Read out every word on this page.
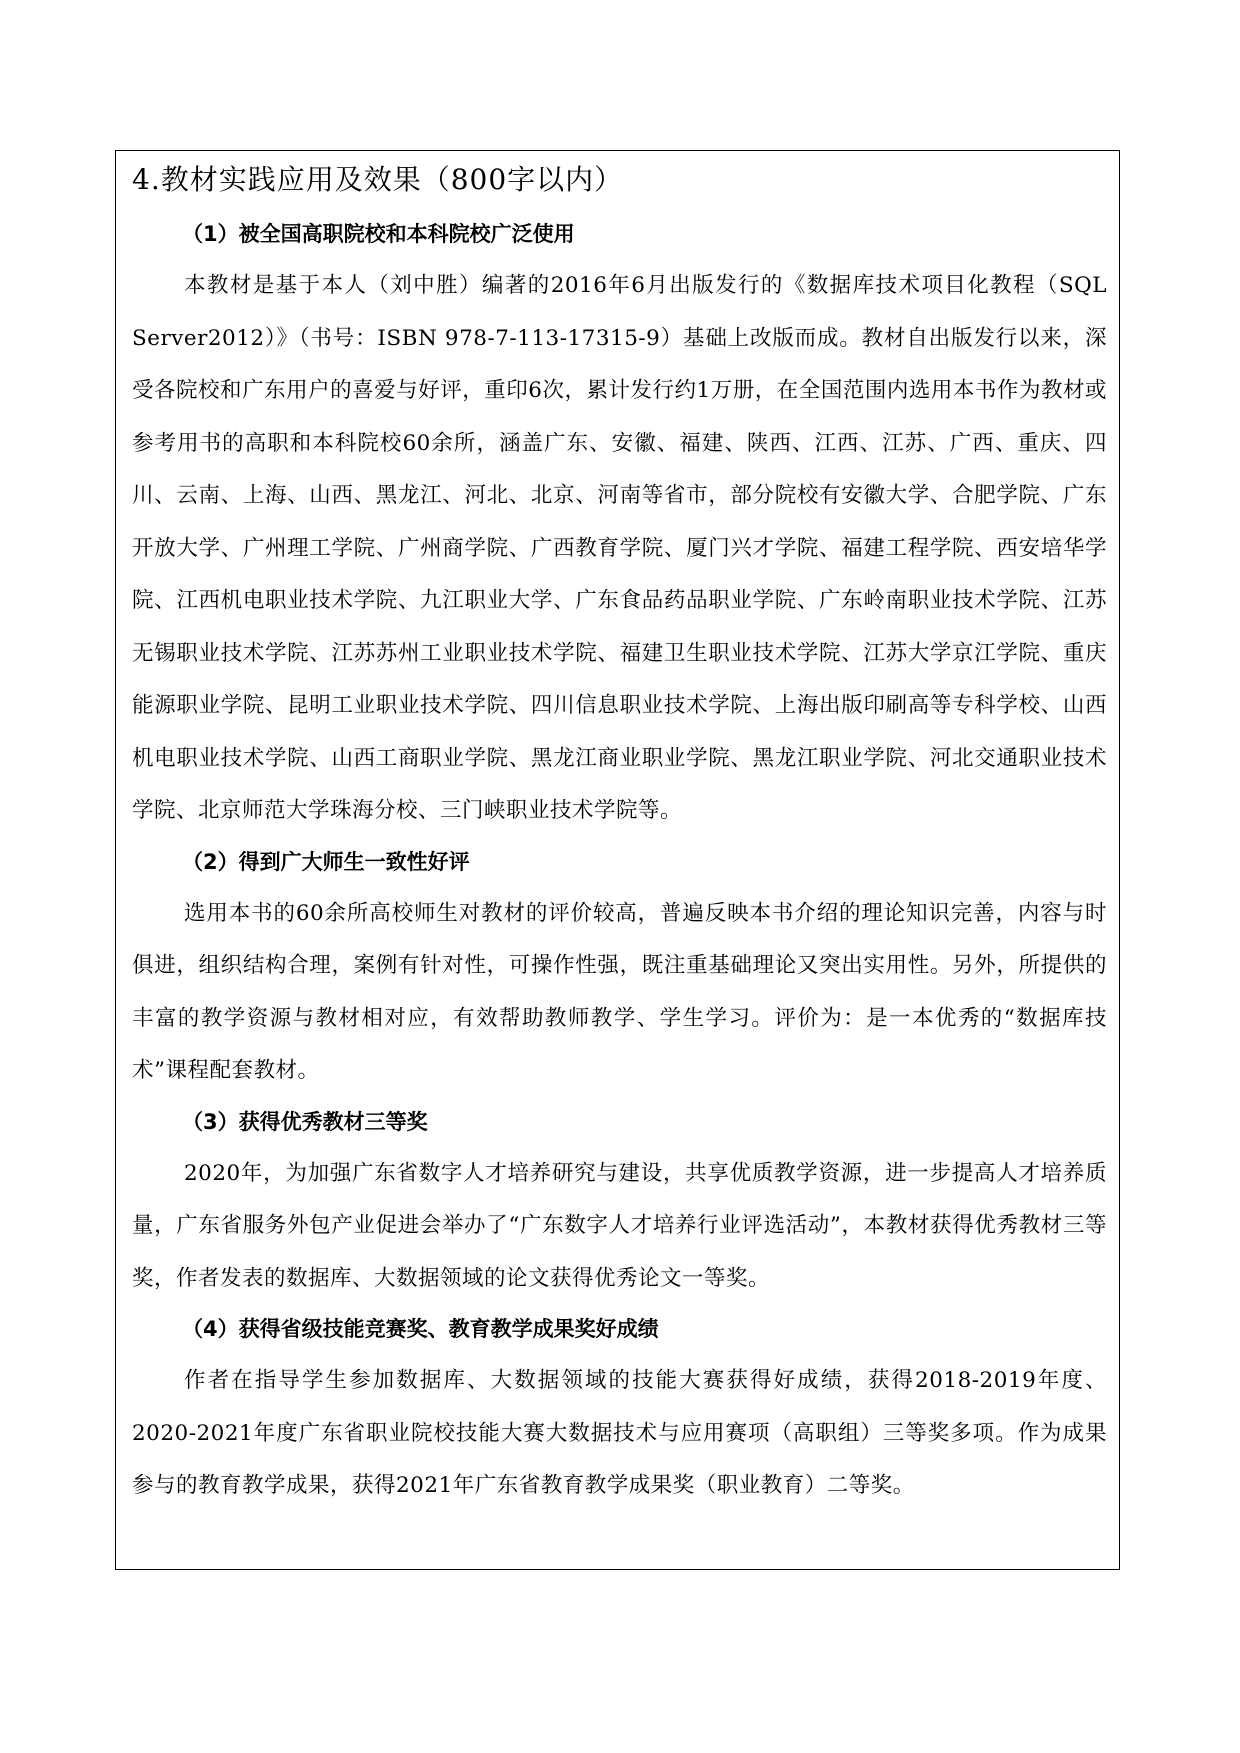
4.教材实践应用及效果（800字以内）
（1）被全国高职院校和本科院校广泛使用

本教材是基于本人（刘中胜）编著的2016年6月出版发行的《数据库技术项目化教程（SQL Server2012）》（书号：ISBN 978-7-113-17315-9）基础上改版而成。教材自出版发行以来，深受各院校和广东用户的喜爱与好评，重印6次，累计发行约1万册，在全国范围内选用本书作为教材或参考用书的高职和本科院校60余所，涵盖广东、安徽、福建、陕西、江西、江苏、广西、重庆、四川、云南、上海、山西、黑龙江、河北、北京、河南等省市，部分院校有安徽大学、合肥学院、广东开放大学、广州理工学院、广州商学院、广西教育学院、厦门兴才学院、福建工程学院、西安培华学院、江西机电职业技术学院、九江职业大学、广东食品药品职业学院、广东岭南职业技术学院、江苏无锡职业技术学院、江苏苏州工业职业技术学院、福建卫生职业技术学院、江苏大学京江学院、重庆能源职业学院、昆明工业职业技术学院、四川信息职业技术学院、上海出版印刷高等专科学校、山西机电职业技术学院、山西工商职业学院、黑龙江商业职业学院、黑龙江职业学院、河北交通职业技术学院、北京师范大学珠海分校、三门峡职业技术学院等。

（2）得到广大师生一致性好评

选用本书的60余所高校师生对教材的评价较高，普遍反映本书介绍的理论知识完善，内容与时俱进，组织结构合理，案例有针对性，可操作性强，既注重基础理论又突出实用性。另外，所提供的丰富的教学资源与教材相对应，有效帮助教师教学、学生学习。评价为：是一本优秀的“数据库技术”课程配套教材。

（3）获得优秀教材三等奖

2020年，为加强广东省数字人才培养研究与建设，共享优质教学资源，进一步提高人才培养质量，广东省服务外包产业促进会举办了“广东数字人才培养行业评选活动”，本教材获得优秀教材三等奖，作者发表的数据库、大数据领域的论文获得优秀论文一等奖。

（4）获得省级技能竞赛奖、教育教学成果奖好成绩

作者在指导学生参加数据库、大数据领域的技能大赛获得好成绩，获得2018-2019年度、2020-2021年度广东省职业院校技能大赛大数据技术与应用赛项（高职组）三等奖多项。作为成果参与的教育教学成果，获得2021年广东省教育教学成果奖（职业教育）二等奖。
